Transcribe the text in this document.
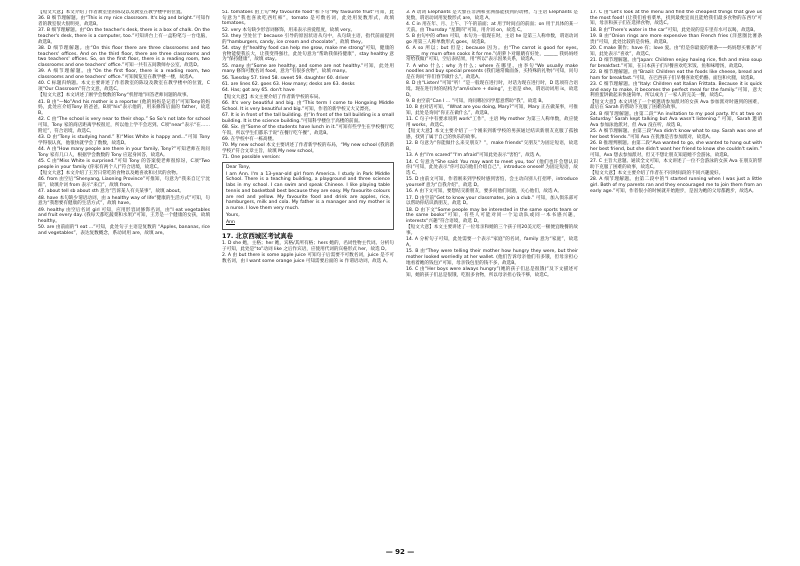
【短文大意】本文介绍了作者教室里的陈设以及教室在教学楼中的位置。

36. B 细节理解题。由“This is my nice classroom. It's big and bright.”可知作者的教室很大很明亮，故选B。

37. B 细节理解题。由“On the teacher's desk, there is a box of chalk. On the teacher's desk, there is a computer, too.”可知讲台上有一盒粉笔与一台电脑，故选B。

38. D 细节理解题。由“On this floor there are three classrooms and two teachers' offices. And on the third floor, there are three classrooms and two teachers' offices. So, on the first floor, there is a reading room, two classrooms and one teachers' office.”可知一共有五间教师办公室，故选D。

39. A 细节理解题。由“On the first floor, there is a reading room, two classrooms and one teachers' office.”可知阅览室在教学楼一楼，故选A。

40. C 标题归纳题。本文主要讲述了作者教室的陈设及教室在教学楼中的位置，C项“Our Classroom”符合文意，故选C。

【短文大意】本文讲述了刚学会数数的Tony“机智地”回答老师问题的故事。

41. B 由“—No”And his mother is a reporter (他的妈妈是记者)”可知Tony的妈妈，此处应介绍Tony 的爸爸，B项“his”表示他的，用来修饰后面的 father，故选B。

42. C 由“The school is very near to their shop.” So So's not late for school 可知，Tony 家的商店距离学校很近，所以他上学不会迟到。C项“near”表示“在……附近”，符合语境，故选C。

43. D 由“Tony is studying hand.” 和“Miss White is happy and...”可知 Tony 学得很认真，他很快就学会了数数，故选D。

44. A 由“How many people are there in your family, Tony?”可知老师在询问 Tony 家有几口人，根据学会数数的 Tony 应起身回答，故选A。

45. C 由“Miss White is surprised.”可知 Tony 的答案使老师很惊讶，C项“Two people in your family (你家有两个人)”符合语境，故选C。

【短文大意】本文介绍了王芳日常吃的食物以及她喜欢和讨厌的食物。

46. from 由空后“Shenyang, Liaoning Province”可推知，句意为“我来自辽宁沈阳”，故填介词 from 表示“来自”，故填 from。

47. about tell sb about sth 意为“告诉某人有关某事”，故填 about。

48. have 本句缺少谓语动词，由 a healthy way of life“健康的生活方式”可知，句意为“我想要有健康的生活方式”，故填 have。

49. healthy 由空后名词 girl 可知，应用形容词修饰名词，由“I eat vegetables and fruit every day. (我每天都吃蔬菜和水果)”可知，王芳是一个健康的女孩，故填 healthy。

50. are 由前面的“I eat ...”可知，此处句子主语是复数的 “Apples, bananas, rice and vegetables”，表达复数概念，系动词用 are，故填 are。

51. tomatoes 由上句“My favourite food”和下句“My favourite fruit”可知，此句意为“我也喜欢吃西红柿”，tomato 是可数名词，此处用复数形式，故填 tomatoes。

52. very 本句缺少形容词修饰，用来表示喜爱程度，故填 very。

53. they 空处位于 because 引导的原因状语从句中，从句缺主语，指代前面提到的“hamburgers, candy, ice cream and chocolate”，故填 they。

54. stay 由“healthy food can help me grow, make me strong”可知，健康的食物能使我长大，让我变得强壮，此处句意为“帮助我保持健康”，stay healthy 意为“保持健康”，故填 stay。

55. many 由“Some are healthy, and some are not healthy.”可知，此处用 many 修饰可数名词 food，意为“有很多食物”，故填 many。

56. Tuesday 57. tired 58. sweet 59. daughter 60. driver

61. are lines 62. goes 63. How many; desks are 63. desks

64. Has; got any 65. don't have

【短文大意】本文主要介绍了作者新学校的布局。

66. It's very beautiful and big. 由“This term I come to Hongxing Middle School. It is very beautiful and big.”可知，作者的新学校又大又漂亮。

67. It is in front of the tall building. 由“In front of the tall building is a small building. It is the science building.”可知科学楼位于高楼的前面。

68. Six. 由“Some of the students have lunch in it.”可知有些学生在学校餐厅吃午饭，所以学生们都乐于说“在餐厅吃午餐”，故选B。

69. 在学校中有一栋高楼。

70. My new school 本文主要讲述了作者新学校的布局，“My new school (我的新学校)”符合文章主旨，故填 My new school。

71. One possible version:

Dear Tony,

I am Ann. I'm a 13-year-old girl from America. I study in Park Middle School. There is a teaching building, a playground and three science labs in my school. I can swim and speak Chinese. I like playing table tennis and basketball best because they are easy. My favourite colours are red and yellow. My favourite food and drink are apples, rice, hamburgers, milk and cola. My father is a manager and my mother is a nurse. I love them very much.

Yours,

Ann

17. 北京西城区考试真卷

1. D she 她，主格；her 她，宾格/其所有格；hers 她的，名词性物主代词。分析句子可知，此处是“to”动词 like 之后作宾语，应使用代词的宾格形式 her，故选 D。

2. A 由 but there is some apple juice 可知句子后需要不可数名词，juice 是不可数名词，由 I want some orange juice 可知需要后面的 is 作谓语动词，故选 A。

3. A 动词 Elephants 是大象在非洲和亚洲都能找到的动物，与主语 Elephants 是复数，谓语动词用复数形式 are，故选 A。

4. C in 用在年、月、上午、下午的前面；at 用于时间点的前面；on 用于具体的某一天前。由 Thursday “星期四”可知，用介词 on，故选 C。

5. B 由句中的 often 可知，本句为一般现在时，主语 he 是第三人称单数，谓语动词 go 用第三人称单数形式 goes，故选B。

6. A so 所以；but 但是；because 因为。由“The carrot is good for eyes, ______ my mum often cooks it for me.”(胡萝卜对眼睛有好处，______ 我妈妈经常给我做)”可知，空后表结果，用“所以”表示因果关系，故选A。

7. A who 什么；why 为什么；where 在哪里。由李句“We usually make noodles and buy special presents (我们通常做面条，买特殊的礼物)”可知，问句是在询问“你们春节做什么”，故选A。

8. D 由“Listen!”可知“听！”是一般现在进行时，对话为现在进行时，D 选项符合语境。现在进行时的结构为“am/is/are + doing”，主语是 she，谓语动词用 is，故选 D。

9. B 由空前“Can I ... ”可知，询问哪位同学愿意帮助“我”，故选 B。

10. B 由对话可知，“What are you doing, Mary?”可知，Mary 正在做某事，可推知，此处是询问“你正在做什么”，故选B。

11. C 句子中有要求说明 work“工作”，主语 My mother 为第三人称单数，故应使用 works，故选C。

【短文大意】本文主要介绍了一个刚来到新学校的男孩通过结识新朋友克服了孤独感，找到了属于自己的快乐的故事。

12. B 句意为“你能做什么来交朋友？”，make friends“交朋友”为固定短语，故选 B。

13. A 由“I'm scared”“I'm afraid”可知此处表示“害怕”，故选 A。

14. C 句意为“She said: You may want to meet you, too' (他们也许会想认识你)”可知，此处表示“你可以向他们介绍自己”，introduce oneself 为固定短语，故选 C。

15. D 由前文可知，作者刚来到学校时感到害怕，会主动向别人打招呼，introduce yourself 意为“自我介绍”，故选 D。

16. A 由下文可知，要想结交新朋友，要多问他们问题，关心他们，故选 A。

17. D 由空前“Get to know your classmates, join a club.” 可知，加入俱乐部可以帮助你结识新朋友，故选 D。

18. D 由下文“Some people may be interested in the same sports team or the same books”可知，有些人可能对同一个运动队或同一本书感兴趣，interests“兴趣”符合语境，故选 D。

【短文大意】本文主要讲述了一位母亲和她的三个孩子用20美元吃一顿便宜晚餐的故事。

14. A 分析句子可知，此处需要一个表示“家庭”的名词，family 意为“家庭”，故选 A。

15. B 由“They were telling their mother how hungry they were, but their mother looked worriedly at her wallet. (他们告诉母亲他们有多饿，但母亲担心地看着她的钱包)”可知，母亲钱包里的钱不多，故选B。

16. C 由“Her boys were always hungry”(她的孩子们总是很饿)”及下文描述可知，她的孩子们总是很饿，吃很多食物，所以母亲担心钱不够，故选C。

17. C 由“Let's look at the menu and find the cheapest things that give us the most food! (让我们看看菜单，找到最便宜而且能给我们最多食物的东西!)”可知，母亲和孩子们在选择食物，故选C。

18. B 由“There's water in the car”可知，此处说的是车里有水可以喝，故选B。

19. B 由“Onion rings are more expensive than French fries (洋葱圈比薯条贵)”可知，此处比较的是价格，故选B。

20. C make 制作；have 有；love 爱。由“但是你最爱的薯条——妈妈想买薯条”可知，此处表示“喜欢”，故选C。

21. D 细节理解题。由“Japan: Children enjoy having rice, fish and miso soup for breakfast.”可知，在日本孩子们早餐喜欢吃米饭、鱼和味噌汤，故选D。

22. B 细节理解题。由“Brazil: Children eat the foods like cheese, bread and ham for breakfast.”可知，在巴西孩子们早餐喜欢吃奶酪、面包和火腿，故选B。

23. C 细节理解题。由“Italy: Children eat Italian Frittata. Because it is quick and easy to make, it becomes the perfect meal for the family.”可知，意大利煎蛋饼做起来快速简单，所以成为了一家人的完美一餐，故选C。

【短文大意】本文讲述了一个被邀请参加派对的女孩 Ava 参加派对时遇到的困难，最后在 Sarah 的帮助下克服了困难的故事。

24. B 细节理解题。由第二段“'An invitation to my pool party. It's at two on Saturday.' Sarah kept talking but Ava wasn't listening.” 可知，Sarah 邀请 Ava 参加泳池派对，但 Ava 没在听，故选 B。

25. A 细节理解题。由第三段“Ava didn't know what to say. Sarah was one of her best friends.”可知 Ava 在犹豫是否参加派对，故选A。

26. B 推理判断题。由第二段“Ava wanted to go, she wanted to hang out with her best friend, but she didn't want her friend to know she couldn't swim.” 可知，Ava 想去参加派对，但又不想让朋友知道她不会游泳，故选B。

27. C 主旨大意题。通读全文可知，本文讲述了一位不会游泳的女孩 Ava 在朋友的帮助下克服了困难的故事，故选C。

【短文大意】本文主要介绍了作者在不同时间段的不同兴趣爱好。

28. A 细节理解题。由第二段中的“I started running when I was just a little girl. Both of my parents ran and they encouraged me to join them from an early age.”可知，作者很小的时候就开始跑步，是因为她的父母都跑步，故选A。

— 92 —
